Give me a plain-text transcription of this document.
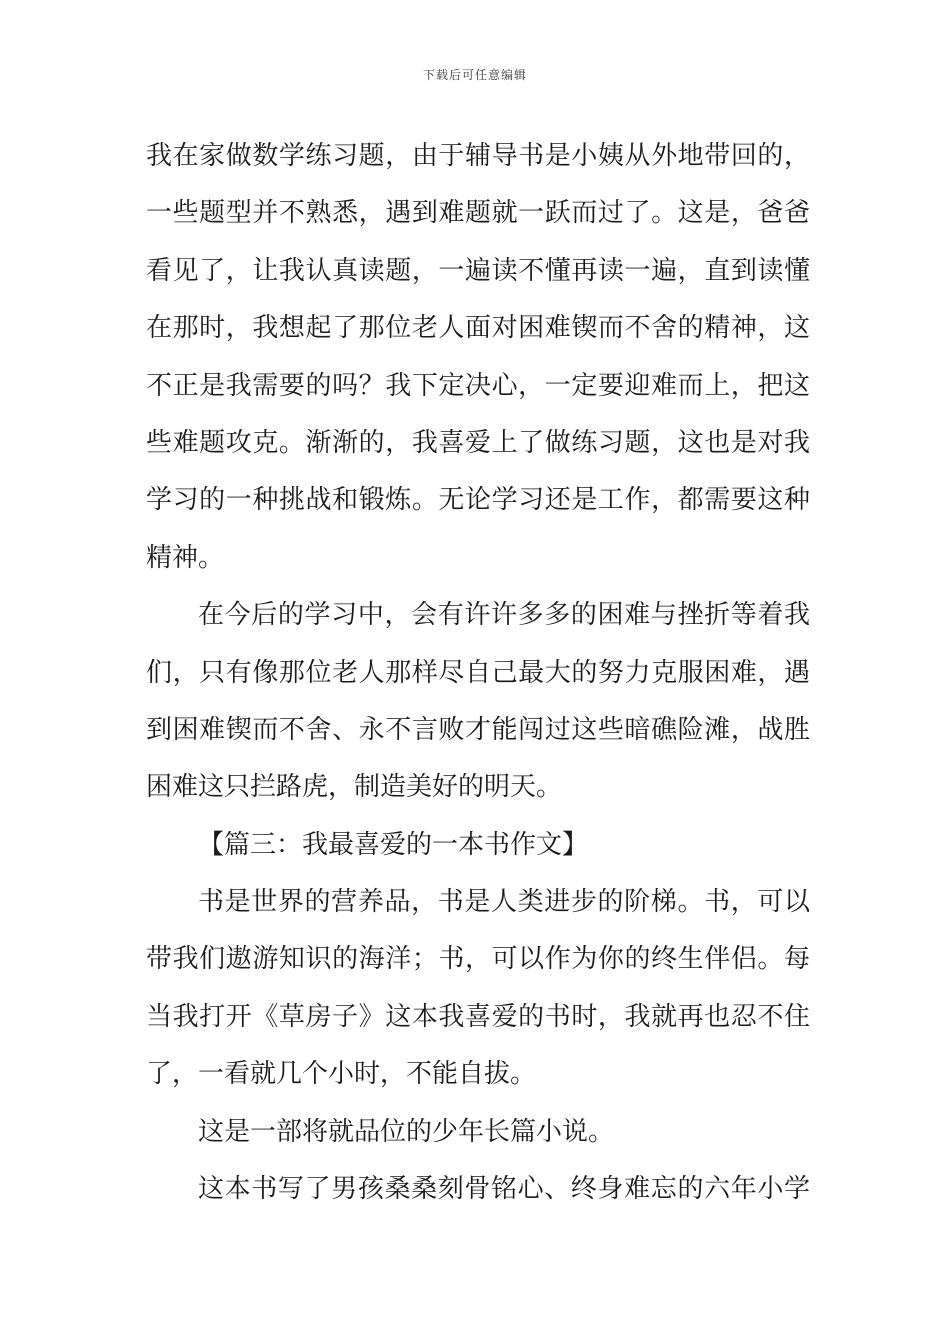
下载后可任意编辑
我在家做数学练习题，由于辅导书是小姨从外地带回的，
一些题型并不熟悉，遇到难题就一跃而过了。这是，爸爸
看见了，让我认真读题，一遍读不懂再读一遍，直到读懂
在那时，我想起了那位老人面对困难锲而不舍的精神，这
不正是我需要的吗？我下定决心，一定要迎难而上，把这
些难题攻克。渐渐的，我喜爱上了做练习题，这也是对我
学习的一种挑战和锻炼。无论学习还是工作，都需要这种
精神。
在今后的学习中，会有许许多多的困难与挫折等着我
们，只有像那位老人那样尽自己最大的努力克服困难，遇
到困难锲而不舍、永不言败才能闯过这些暗礁险滩，战胜
困难这只拦路虎，制造美好的明天。
【篇三：我最喜爱的一本书作文】
书是世界的营养品，书是人类进步的阶梯。书，可以
带我们遨游知识的海洋；书，可以作为你的终生伴侣。每
当我打开《草房子》这本我喜爱的书时，我就再也忍不住
了，一看就几个小时，不能自拔。
这是一部将就品位的少年长篇小说。
这本书写了男孩桑桑刻骨铭心、终身难忘的六年小学
